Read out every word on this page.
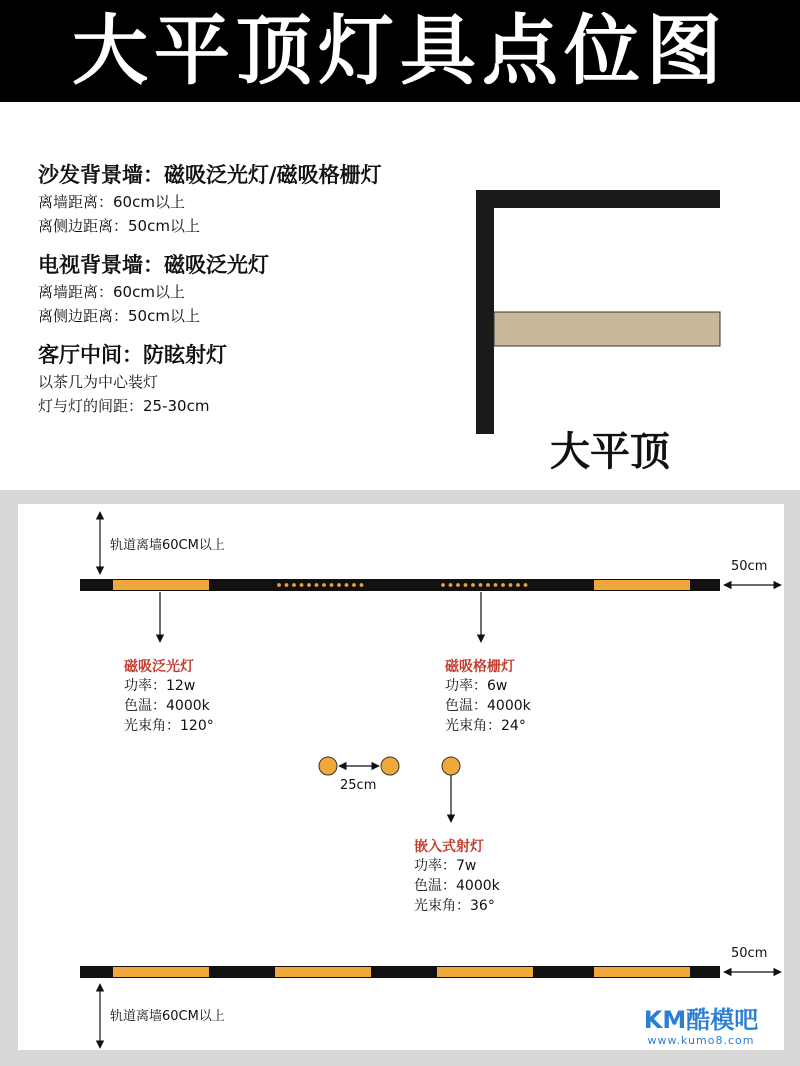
大平顶灯具点位图
沙发背景墙：磁吸泛光灯/磁吸格栅灯
离墙距离：60cm以上
离侧边距离：50cm以上
电视背景墙：磁吸泛光灯
离墙距离：60cm以上
离侧边距离：50cm以上
客厅中间：防眩射灯
以茶几为中心装灯
灯与灯的间距：25-30cm
大平顶
轨道离墙60CM以上
轨道离墙60CM以上
50cm
50cm
25cm
磁吸泛光灯
功率：12w
色温：4000k
光束角：120°
磁吸格栅灯
功率：6w
色温：4000k
光束角：24°
嵌入式射灯
功率：7w
色温：4000k
光束角：36°
KM酷模吧
www.kumo8.com
